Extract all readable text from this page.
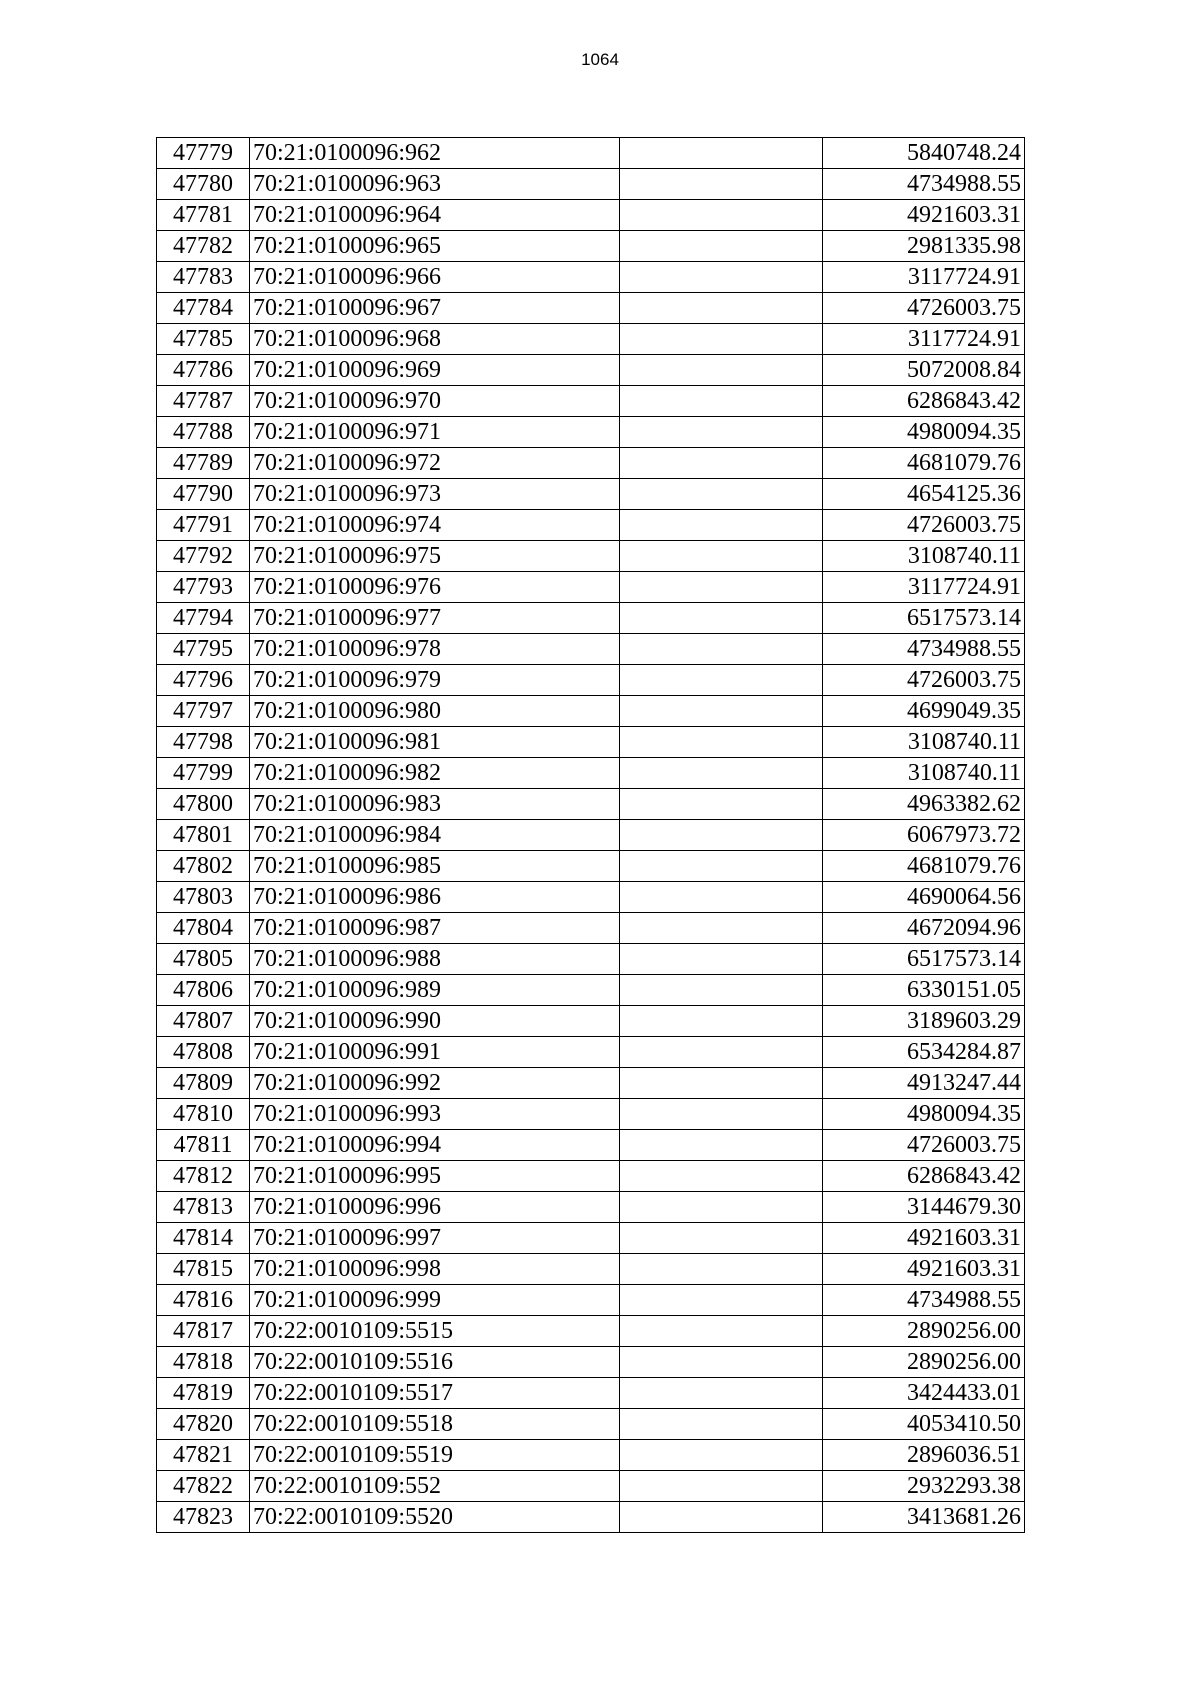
1064
47779	70:21:0100096:962		5840748.24
47780	70:21:0100096:963		4734988.55
47781	70:21:0100096:964		4921603.31
47782	70:21:0100096:965		2981335.98
47783	70:21:0100096:966		3117724.91
47784	70:21:0100096:967		4726003.75
47785	70:21:0100096:968		3117724.91
47786	70:21:0100096:969		5072008.84
47787	70:21:0100096:970		6286843.42
47788	70:21:0100096:971		4980094.35
47789	70:21:0100096:972		4681079.76
47790	70:21:0100096:973		4654125.36
47791	70:21:0100096:974		4726003.75
47792	70:21:0100096:975		3108740.11
47793	70:21:0100096:976		3117724.91
47794	70:21:0100096:977		6517573.14
47795	70:21:0100096:978		4734988.55
47796	70:21:0100096:979		4726003.75
47797	70:21:0100096:980		4699049.35
47798	70:21:0100096:981		3108740.11
47799	70:21:0100096:982		3108740.11
47800	70:21:0100096:983		4963382.62
47801	70:21:0100096:984		6067973.72
47802	70:21:0100096:985		4681079.76
47803	70:21:0100096:986		4690064.56
47804	70:21:0100096:987		4672094.96
47805	70:21:0100096:988		6517573.14
47806	70:21:0100096:989		6330151.05
47807	70:21:0100096:990		3189603.29
47808	70:21:0100096:991		6534284.87
47809	70:21:0100096:992		4913247.44
47810	70:21:0100096:993		4980094.35
47811	70:21:0100096:994		4726003.75
47812	70:21:0100096:995		6286843.42
47813	70:21:0100096:996		3144679.30
47814	70:21:0100096:997		4921603.31
47815	70:21:0100096:998		4921603.31
47816	70:21:0100096:999		4734988.55
47817	70:22:0010109:5515		2890256.00
47818	70:22:0010109:5516		2890256.00
47819	70:22:0010109:5517		3424433.01
47820	70:22:0010109:5518		4053410.50
47821	70:22:0010109:5519		2896036.51
47822	70:22:0010109:552		2932293.38
47823	70:22:0010109:5520		3413681.26
